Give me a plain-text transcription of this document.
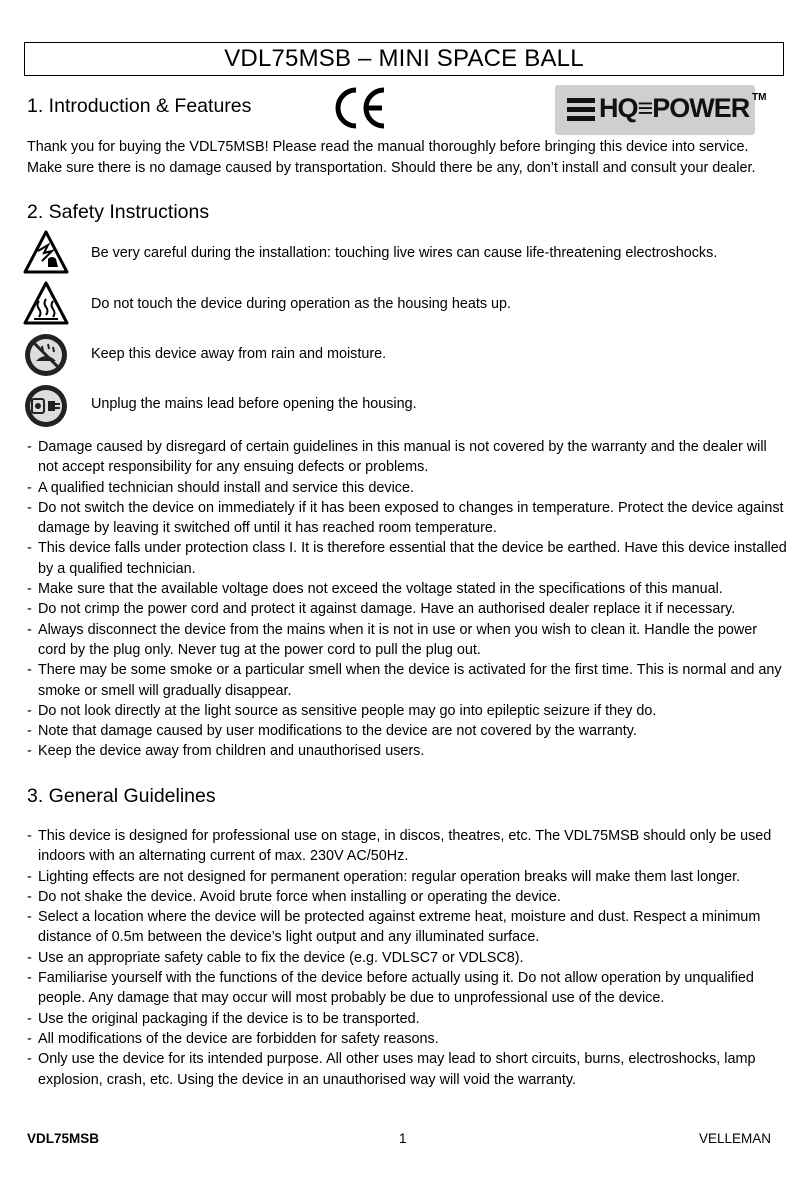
VDL75MSB – MINI SPACE BALL
1. Introduction & Features	HQ≡POWER TM
Thank you for buying the VDL75MSB! Please read the manual thoroughly before bringing this device into service.
Make sure there is no damage caused by transportation. Should there be any, don’t install and consult your dealer.
2. Safety Instructions
Be very careful during the installation: touching live wires can cause life-threatening electroshocks.
Do not touch the device during operation as the housing heats up.
Keep this device away from rain and moisture.
Unplug the mains lead before opening the housing.
- Damage caused by disregard of certain guidelines in this manual is not covered by the warranty and the dealer will not accept responsibility for any ensuing defects or problems.
- A qualified technician should install and service this device.
- Do not switch the device on immediately if it has been exposed to changes in temperature. Protect the device against damage by leaving it switched off until it has reached room temperature.
- This device falls under protection class I. It is therefore essential that the device be earthed. Have this device installed by a qualified technician.
- Make sure that the available voltage does not exceed the voltage stated in the specifications of this manual.
- Do not crimp the power cord and protect it against damage. Have an authorised dealer replace it if necessary.
- Always disconnect the device from the mains when it is not in use or when you wish to clean it. Handle the power cord by the plug only. Never tug at the power cord to pull the plug out.
- There may be some smoke or a particular smell when the device is activated for the first time. This is normal and any smoke or smell will gradually disappear.
- Do not look directly at the light source as sensitive people may go into epileptic seizure if they do.
- Note that damage caused by user modifications to the device are not covered by the warranty.
- Keep the device away from children and unauthorised users.
3. General Guidelines
- This device is designed for professional use on stage, in discos, theatres, etc. The VDL75MSB should only be used indoors with an alternating current of max. 230V AC/50Hz.
- Lighting effects are not designed for permanent operation: regular operation breaks will make them last longer.
- Do not shake the device. Avoid brute force when installing or operating the device.
- Select a location where the device will be protected against extreme heat, moisture and dust. Respect a minimum distance of 0.5m between the device’s light output and any illuminated surface.
- Use an appropriate safety cable to fix the device (e.g. VDLSC7 or VDLSC8).
- Familiarise yourself with the functions of the device before actually using it. Do not allow operation by unqualified people. Any damage that may occur will most probably be due to unprofessional use of the device.
- Use the original packaging if the device is to be transported.
- All modifications of the device are forbidden for safety reasons.
- Only use the device for its intended purpose. All other uses may lead to short circuits, burns, electroshocks, lamp explosion, crash, etc. Using the device in an unauthorised way will void the warranty.
VDL75MSB	1	VELLEMAN
